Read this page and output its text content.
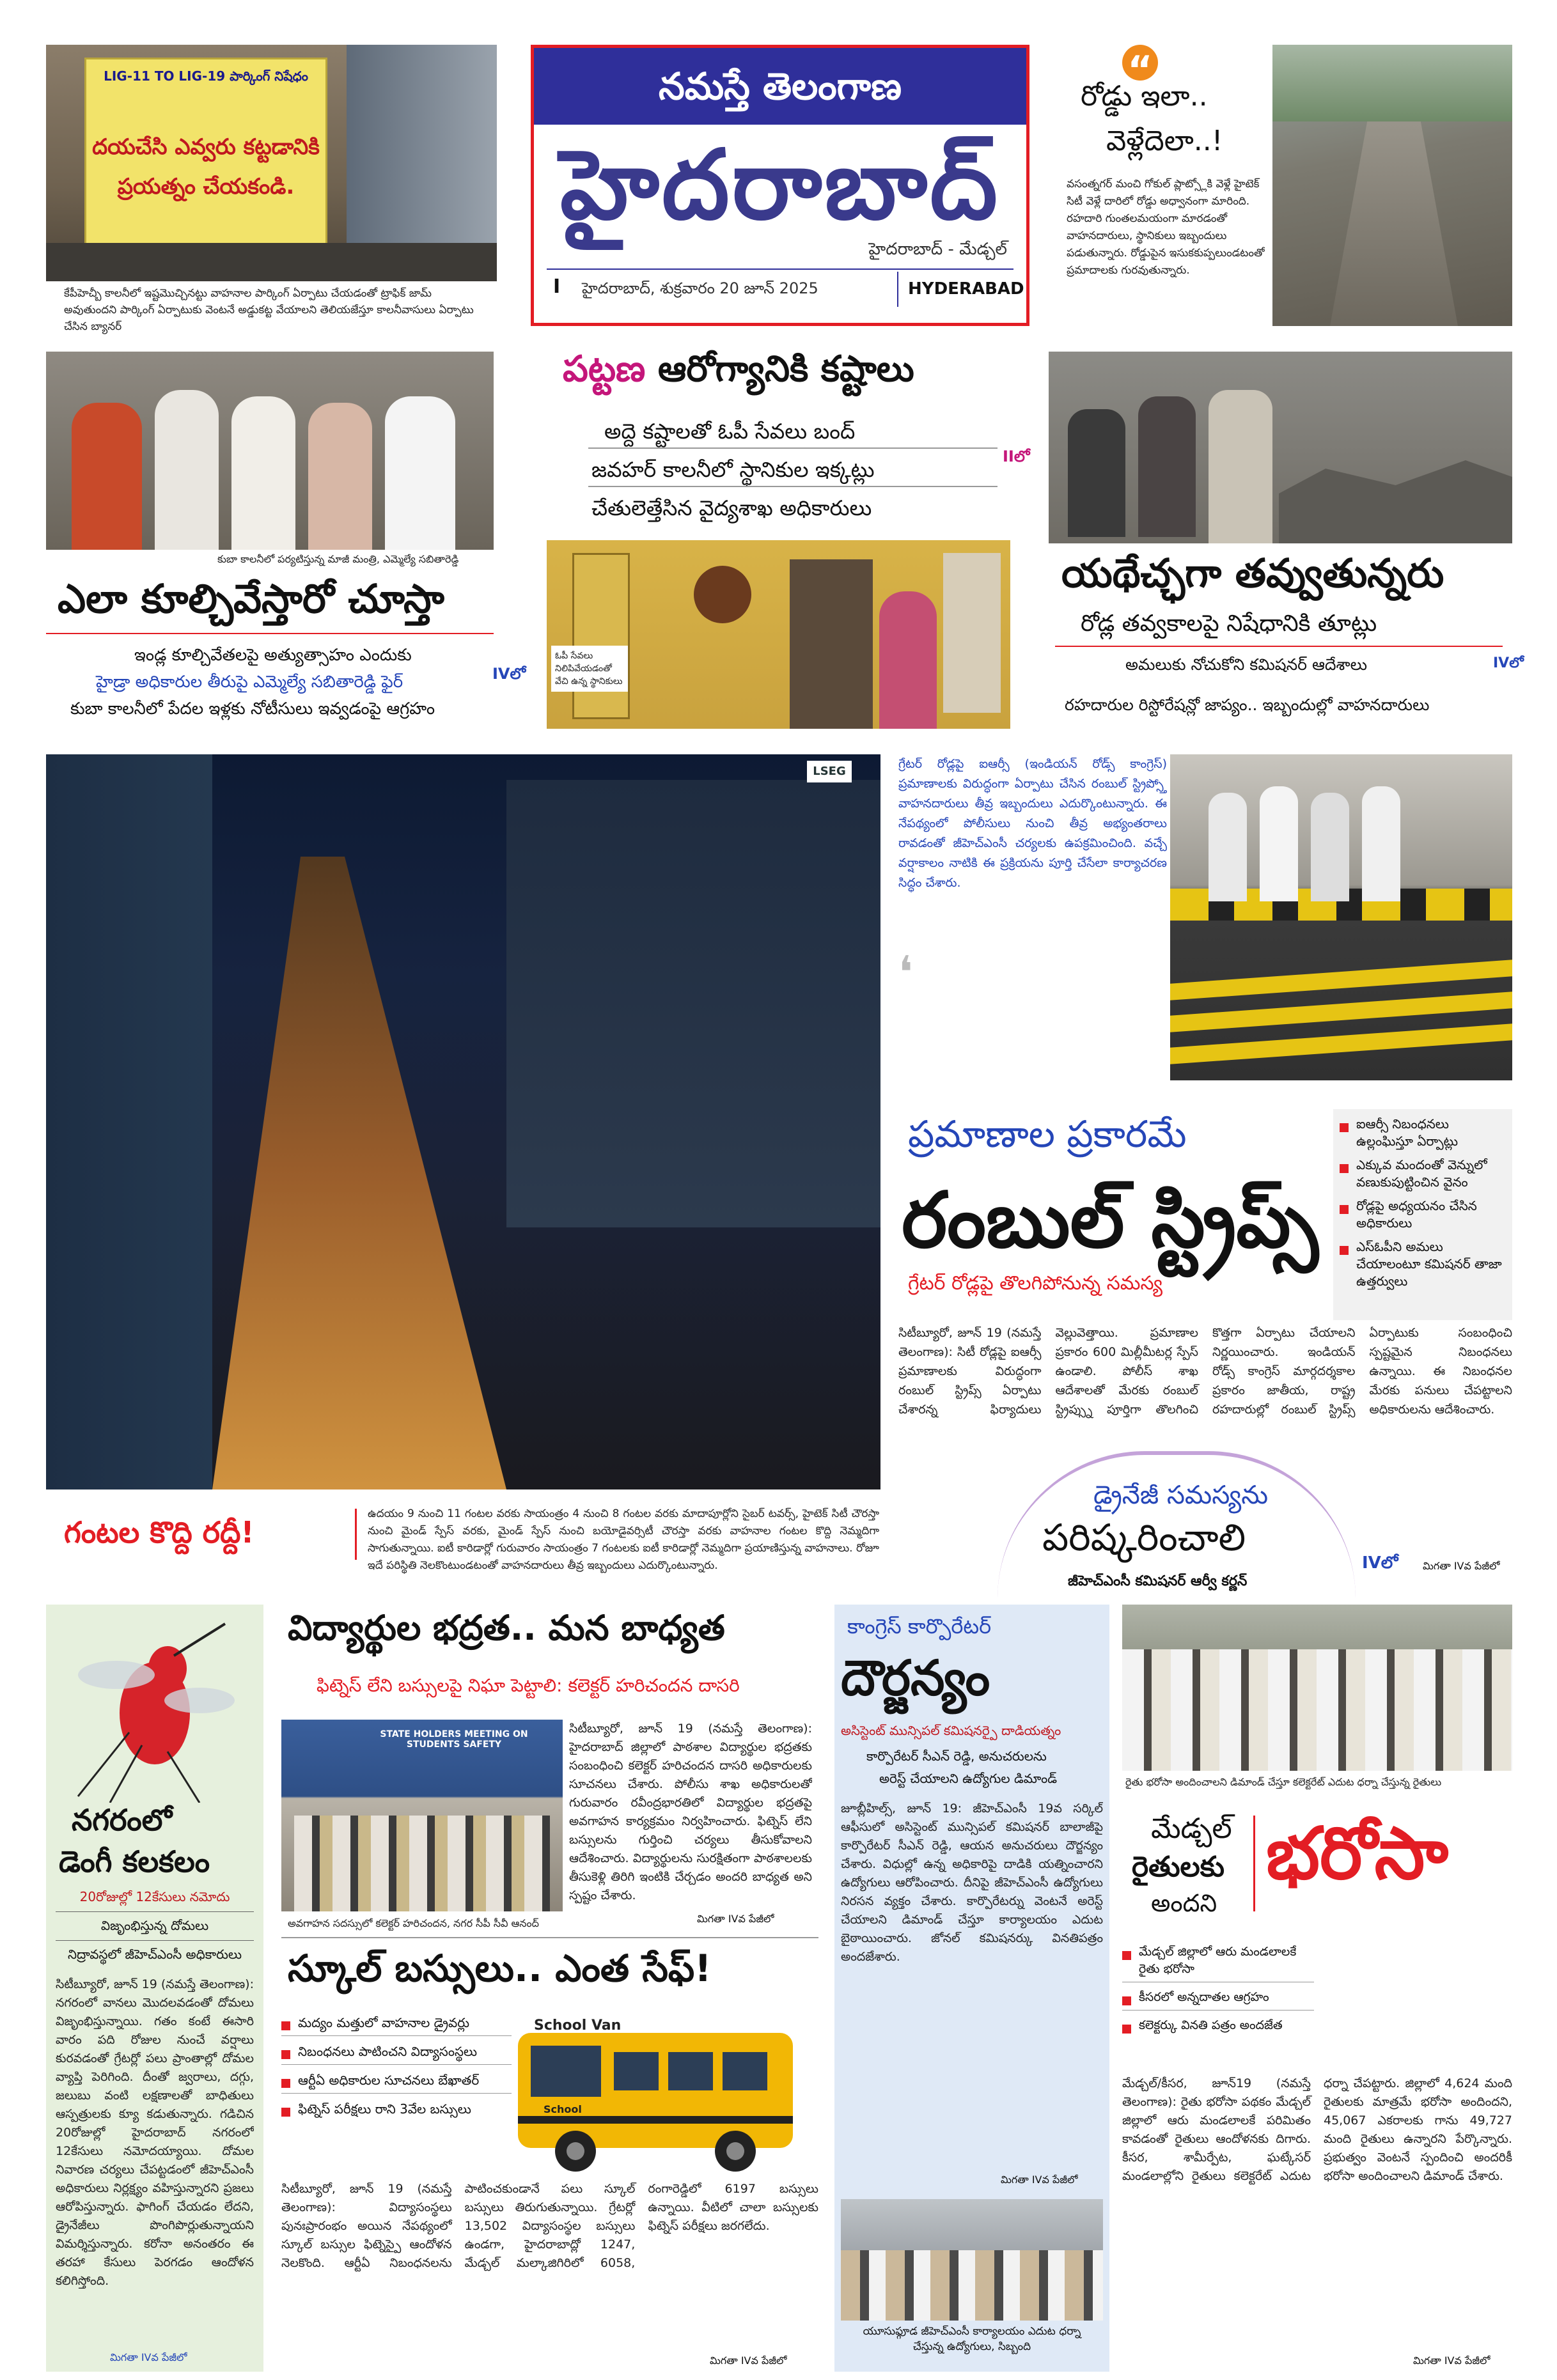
నమస్తే తెలంగాణ
హైదరాబాద్
హైదరాబాద్ - మేడ్చల్
I హైదరాబాద్, శుక్రవారం 20 జూన్ 2025	HYDERABAD
LIG-11 TO LIG-19 పార్కింగ్ నిషేధం
దయచేసి ఎవ్వరు కట్టడానికి
ప్రయత్నం చేయకండి.
కేపీహెచ్బీ కాలనీలో ఇష్టమొచ్చినట్టు వాహనాల పార్కింగ్ ఏర్పాటు చేయడంతో ట్రాఫిక్ జామ్ అవుతుందని పార్కింగ్ ఏర్పాటుకు వెంటనే అడ్డుకట్ట వేయాలని తెలియజేస్తూ కాలనీవాసులు ఏర్పాటు చేసిన బ్యానర్
“
రోడ్డు ఇలా..
వెళ్లేదెలా..!
వసంత్నగర్ మంచి గోకుల్ ప్లాట్స్లోకి వెళ్లే హైటెక్ సిటీ వెళ్లే దారిలో రోడ్డు అధ్వానంగా మారింది. రహదారి గుంతలమయంగా మారడంతో వాహనదారులు, స్థానికులు ఇబ్బందులు పడుతున్నారు. రోడ్డుపైన ఇసుకకుప్పలుండటంతో ప్రమాదాలకు గురవుతున్నారు.
కుబా కాలనీలో పర్యటిస్తున్న మాజీ మంత్రి, ఎమ్మెల్యే సబితారెడ్డి
ఎలా కూల్చివేస్తారో చూస్తా
ఇండ్ల కూల్చివేతలపై అత్యుత్సాహం ఎందుకు
హైడ్రా అధికారుల తీరుపై ఎమ్మెల్యే సబితారెడ్డి ఫైర్
కుబా కాలనీలో పేదల ఇళ్లకు నోటీసులు ఇవ్వడంపై ఆగ్రహం
IVలో
పట్టణ ఆరోగ్యానికి కష్టాలు
అద్దె కష్టాలతో ఓపీ సేవలు బంద్
జవహర్ కాలనీలో స్థానికుల ఇక్కట్లు
చేతులెత్తేసిన వైద్యశాఖ అధికారులు
IIలో
ఓపీ సేవలు నిలిపివేయడంతో వేచి ఉన్న స్థానికులు
యథేచ్ఛగా తవ్వుతున్నరు
రోడ్ల తవ్వకాలపై నిషేధానికి తూట్లు
అమలుకు నోచుకోని కమిషనర్ ఆదేశాలు
రహదారుల రిస్టోరేషన్లో జాప్యం.. ఇబ్బందుల్లో వాహనదారులు
IVలో
LSEG
గంటల కొద్ది రద్దీ!
ఉదయం 9 నుంచి 11 గంటల వరకు సాయంత్రం 4 నుంచి 8 గంటల వరకు మాదాపూర్లోని సైబర్ టవర్స్, హైటెక్ సిటీ చౌరస్తా నుంచి మైండ్ స్పేస్ వరకు, మైండ్ స్పేస్ నుంచి బయోడైవర్సిటీ చౌరస్తా వరకు వాహనాల గంటల కొద్ది నెమ్మదిగా సాగుతున్నాయి. ఐటీ కారిడార్లో గురువారం సాయంత్రం 7 గంటలకు ఐటీ కారిడార్లో నెమ్మదిగా ప్రయాణిస్తున్న వాహనాలు. రోజూ ఇదే పరిస్థితి నెలకొంటుండటంతో వాహనదారులు తీవ్ర ఇబ్బందులు ఎదుర్కొంటున్నారు.
గ్రేటర్ రోడ్లపై ఐఆర్సీ (ఇండియన్ రోడ్స్ కాంగ్రెస్) ప్రమాణాలకు విరుద్ధంగా ఏర్పాటు చేసిన రంబుల్ స్ట్రిప్స్తో వాహనదారులు తీవ్ర ఇబ్బందులు ఎదుర్కొంటున్నారు. ఈ నేపథ్యంలో పోలీసులు నుంచి తీవ్ర అభ్యంతరాలు రావడంతో జీహెచ్ఎంసీ చర్యలకు ఉపక్రమించింది. వచ్చే వర్షాకాలం నాటికి ఈ ప్రక్రియను పూర్తి చేసేలా కార్యాచరణ సిద్ధం చేశారు.
❛
ప్రమాణాల ప్రకారమే
రంబుల్ స్ట్రిప్స్
గ్రేటర్ రోడ్లపై తొలగిపోనున్న సమస్య
ఐఆర్సీ నిబంధనలు ఉల్లంఘిస్తూ ఏర్పాట్లు
ఎక్కువ మందంతో వెన్నులో వణుకుపుట్టించిన వైనం
రోడ్లపై అధ్యయనం చేసిన అధికారులు
ఎస్ఓపీని అమలు చేయాలంటూ కమిషనర్ తాజా ఉత్తర్వులు
సిటీబ్యూరో, జూన్ 19 (నమస్తే తెలంగాణ): సిటీ రోడ్లపై ఐఆర్సీ ప్రమాణాలకు విరుద్ధంగా రంబుల్ స్ట్రిప్స్ ఏర్పాటు చేశారన్న ఫిర్యాదులు వెల్లువెత్తాయి. ప్రమాణాల ప్రకారం 600 మిల్లీమీటర్ల స్పేస్ ఉండాలి. పోలీస్ శాఖ ఆదేశాలతో మేరకు రంబుల్ స్ట్రిప్స్ను పూర్తిగా తొలగించి కొత్తగా ఏర్పాటు చేయాలని నిర్ణయించారు. ఇండియన్ రోడ్స్ కాంగ్రెస్ మార్గదర్శకాల ప్రకారం జాతీయ, రాష్ట్ర రహదారుల్లో రంబుల్ స్ట్రిప్స్ ఏర్పాటుకు సంబంధించి స్పష్టమైన నిబంధనలు ఉన్నాయి. ఈ నిబంధనల మేరకు పనులు చేపట్టాలని అధికారులను ఆదేశించారు.
డ్రైనేజీ సమస్యను
పరిష్కరించాలి
జీహెచ్ఎంసీ కమిషనర్ ఆర్వీ కర్ణన్
IVలో మిగతా IVవ పేజీలో
నగరంలో
డెంగీ కలకలం
20రోజుల్లో 12కేసులు నమోదు
విజృంభిస్తున్న దోమలు
నిద్రావస్థలో జీహెచ్ఎంసీ అధికారులు
సిటీబ్యూరో, జూన్ 19 (నమస్తే తెలంగాణ): నగరంలో వానలు మొదలవడంతో దోమలు విజృంభిస్తున్నాయి. గతం కంటే ఈసారి వారం పది రోజుల నుంచే వర్షాలు కురవడంతో గ్రేటర్లో పలు ప్రాంతాల్లో దోమల వ్యాప్తి పెరిగింది. దీంతో జ్వరాలు, దగ్గు, జలుబు వంటి లక్షణాలతో బాధితులు ఆస్పత్రులకు క్యూ కడుతున్నారు. గడిచిన 20రోజుల్లో హైదరాబాద్ నగరంలో 12కేసులు నమోదయ్యాయి. దోమల నివారణ చర్యలు చేపట్టడంలో జీహెచ్ఎంసీ అధికారులు నిర్లక్ష్యం వహిస్తున్నారని ప్రజలు ఆరోపిస్తున్నారు. ఫాగింగ్ చేయడం లేదని, డ్రైనేజీలు పొంగిపొర్లుతున్నాయని విమర్శిస్తున్నారు. కరోనా అనంతరం ఈ తరహా కేసులు పెరగడం ఆందోళన కలిగిస్తోంది.
మిగతా IVవ పేజీలో
విద్యార్థుల భద్రత.. మన బాధ్యత
ఫిట్నెస్ లేని బస్సులపై నిఘా పెట్టాలి: కలెక్టర్ హరిచందన దాసరి
STATE HOLDERS MEETING ON STUDENTS SAFETY
అవగాహన సదస్సులో కలెక్టర్ హరిచందన, నగర సీపీ సీవీ ఆనంద్
సిటీబ్యూరో, జూన్ 19 (నమస్తే తెలంగాణ): హైదరాబాద్ జిల్లాలో పాఠశాల విద్యార్థుల భద్రతకు సంబంధించి కలెక్టర్ హరిచందన దాసరి అధికారులకు సూచనలు చేశారు. పోలీసు శాఖ అధికారులతో గురువారం రవీంద్రభారతిలో విద్యార్థుల భద్రతపై అవగాహన కార్యక్రమం నిర్వహించారు. ఫిట్నెస్ లేని బస్సులను గుర్తించి చర్యలు తీసుకోవాలని ఆదేశించారు. విద్యార్థులను సురక్షితంగా పాఠశాలలకు తీసుకెళ్లి తిరిగి ఇంటికి చేర్చడం అందరి బాధ్యత అని స్పష్టం చేశారు.
మిగతా IVవ పేజీలో
స్కూల్ బస్సులు.. ఎంత సేఫ్!
మద్యం మత్తులో వాహనాల డ్రైవర్లు
నిబంధనలు పాటించని విద్యాసంస్థలు
ఆర్టీఏ అధికారుల సూచనలు బేఖాతర్
ఫిట్నెస్ పరీక్షలు రాని 3వేల బస్సులు
School Van
School
సిటీబ్యూరో, జూన్ 19 (నమస్తే తెలంగాణ): విద్యాసంస్థలు పునఃప్రారంభం అయిన నేపథ్యంలో స్కూల్ బస్సుల ఫిట్నెస్పై ఆందోళన నెలకొంది. ఆర్టీఏ నిబంధనలను పాటించకుండానే పలు స్కూల్ బస్సులు తిరుగుతున్నాయి. గ్రేటర్లో 13,502 విద్యాసంస్థల బస్సులు ఉండగా, హైదరాబాద్లో 1247, మేడ్చల్ మల్కాజిగిరిలో 6058, రంగారెడ్డిలో 6197 బస్సులు ఉన్నాయి. వీటిలో చాలా బస్సులకు ఫిట్నెస్ పరీక్షలు జరగలేదు.
మిగతా IVవ పేజీలో
కాంగ్రెస్ కార్పొరేటర్
దౌర్జన్యం
అసిస్టెంట్ మున్సిపల్ కమిషనర్పై దాడియత్నం
కార్పొరేటర్ సీఎన్ రెడ్డి, అనుచరులను
అరెస్ట్ చేయాలని ఉద్యోగుల డిమాండ్
జూబ్లీహిల్స్, జూన్ 19: జీహెచ్ఎంసీ 19వ సర్కిల్ ఆఫీసులో అసిస్టెంట్ మున్సిపల్ కమిషనర్ బాలాజీపై కార్పొరేటర్ సీఎన్ రెడ్డి, ఆయన అనుచరులు దౌర్జన్యం చేశారు. విధుల్లో ఉన్న అధికారిపై దాడికి యత్నించారని ఉద్యోగులు ఆరోపించారు. దీనిపై జీహెచ్ఎంసీ ఉద్యోగులు నిరసన వ్యక్తం చేశారు. కార్పొరేటర్ను వెంటనే అరెస్ట్ చేయాలని డిమాండ్ చేస్తూ కార్యాలయం ఎదుట బైఠాయించారు. జోనల్ కమిషనర్కు వినతిపత్రం అందజేశారు.
మిగతా IVవ పేజీలో
యూసుఫ్గూడ జీహెచ్ఎంసీ కార్యాలయం ఎదుట ధర్నా చేస్తున్న ఉద్యోగులు, సిబ్బంది
రైతు భరోసా అందించాలని డిమాండ్ చేస్తూ కలెక్టరేట్ ఎదుట ధర్నా చేస్తున్న రైతులు
మేడ్చల్
రైతులకు
అందని
భరోసా
మేడ్చల్ జిల్లాలో ఆరు మండలాలకే రైతు భరోసా
కీసరలో అన్నదాతల ఆగ్రహం
కలెక్టర్కు వినతి పత్రం అందజేత
మేడ్చల్/కీసర, జూన్19 (నమస్తే తెలంగాణ): రైతు భరోసా పథకం మేడ్చల్ జిల్లాలో ఆరు మండలాలకే పరిమితం కావడంతో రైతులు ఆందోళనకు దిగారు. కీసర, శామీర్పేట, ఘట్కేసర్ మండలాల్లోని రైతులు కలెక్టరేట్ ఎదుట ధర్నా చేపట్టారు. జిల్లాలో 4,624 మంది రైతులకు మాత్రమే భరోసా అందిందని, 45,067 ఎకరాలకు గాను 49,727 మంది రైతులు ఉన్నారని పేర్కొన్నారు. ప్రభుత్వం వెంటనే స్పందించి అందరికీ భరోసా అందించాలని డిమాండ్ చేశారు.
మిగతా IVవ పేజీలో
